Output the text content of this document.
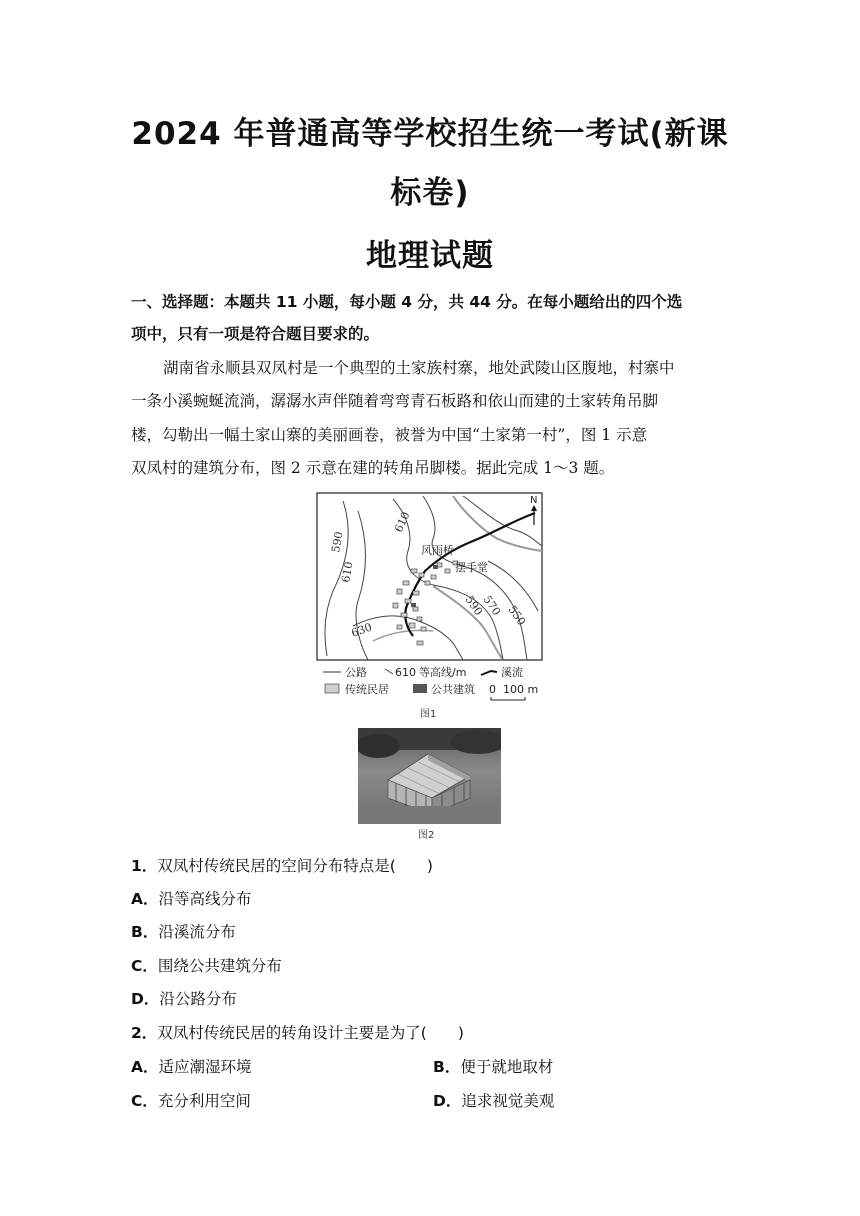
2024 年普通高等学校招生统一考试(新课
标卷)
地理试题
一、选择题：本题共 11 小题，每小题 4 分，共 44 分。在每小题给出的四个选
项中，只有一项是符合题目要求的。
湖南省永顺县双凤村是一个典型的土家族村寨，地处武陵山区腹地，村寨中
一条小溪蜿蜒流淌，潺潺水声伴随着弯弯青石板路和依山而建的土家转角吊脚
楼，勾勒出一幅土家山寨的美丽画卷，被誉为中国“土家第一村”，图 1 示意
双凤村的建筑分布，图 2 示意在建的转角吊脚楼。据此完成 1～3 题。
610
590
610
570 550
590
630
风雨桥
摆手堂
N
公路	610 等高线/m	溪流
传统民居	公共建筑 0 100 m
图1
图2
1．双凤村传统民居的空间分布特点是(　　)
A．沿等高线分布
B．沿溪流分布
C．围绕公共建筑分布
D．沿公路分布
2．双凤村传统民居的转角设计主要是为了(　　)
A．适应潮湿环境	B．便于就地取材
C．充分利用空间	D．追求视觉美观
